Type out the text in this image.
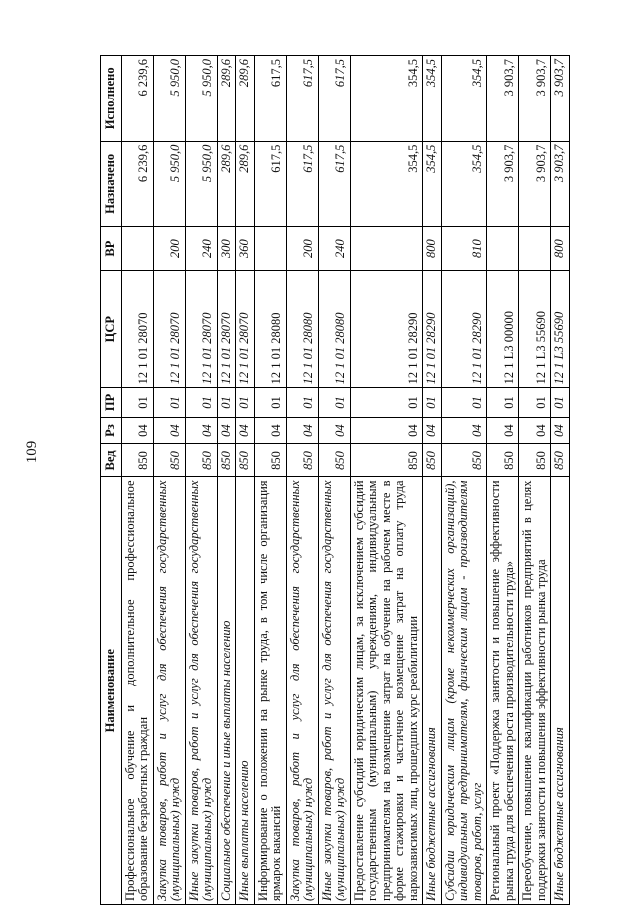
109
Наименование	Вед	Рз	ПР	ЦСР	ВР	Назначено	Исполнено
Профессиональное обучение и дополнительное профессиональное образование безработных граждан	850	04	01	12 1 01 28070		6 239,6	6 239,6
Закупка товаров, работ и услуг для обеспечения государственных (муниципальных) нужд	850	04	01	12 1 01 28070	200	5 950,0	5 950,0
Иные закупки товаров, работ и услуг для обеспечения государственных (муниципальных) нужд	850	04	01	12 1 01 28070	240	5 950,0	5 950,0
Социальное обеспечение и иные выплаты населению	850	04	01	12 1 01 28070	300	289,6	289,6
Иные выплаты населению	850	04	01	12 1 01 28070	360	289,6	289,6
Информирование о положении на рынке труда, в том числе организация ярмарок вакансий	850	04	01	12 1 01 28080		617,5	617,5
Закупка товаров, работ и услуг для обеспечения государственных (муниципальных) нужд	850	04	01	12 1 01 28080	200	617,5	617,5
Иные закупки товаров, работ и услуг для обеспечения государственных (муниципальных) нужд	850	04	01	12 1 01 28080	240	617,5	617,5
Предоставление субсидий юридическим лицам, за исключением субсидий государственным (муниципальным) учреждениям, индивидуальным предпринимателям на возмещение затрат на обучение на рабочем месте в форме стажировки и частичное возмещение затрат на оплату труда наркозависимых лиц, прошедших курс реабилитации	850	04	01	12 1 01 28290		354,5	354,5
Иные бюджетные ассигнования	850	04	01	12 1 01 28290	800	354,5	354,5
Субсидии юридическим лицам (кроме некоммерческих организаций), индивидуальным предпринимателям, физическим лицам - производителям товаров, работ, услуг	850	04	01	12 1 01 28290	810	354,5	354,5
Региональный проект «Поддержка занятости и повышение эффективности рынка труда для обеспечения роста производительности труда»	850	04	01	12 1 L3 00000		3 903,7	3 903,7
Переобучение, повышение квалификации работников предприятий в целях поддержки занятости и повышения эффективности рынка труда	850	04	01	12 1 L3 55690		3 903,7	3 903,7
Иные бюджетные ассигнования	850	04	01	12 1 L3 55690	800	3 903,7	3 903,7
